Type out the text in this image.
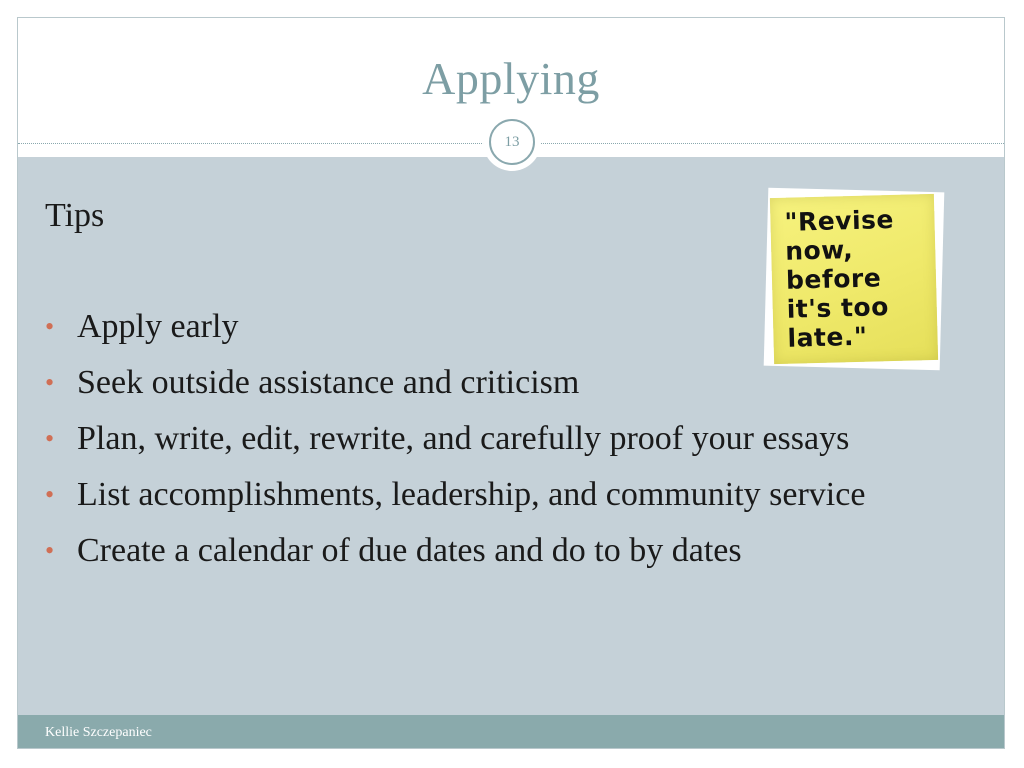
Applying
13
Tips
• Apply early
• Seek outside assistance and criticism
• Plan, write, edit, rewrite, and carefully proof your essays
• List accomplishments, leadership, and community service
• Create a calendar of due dates and do to by dates
"Revise
now,
before
it's too
late."
Kellie Szczepaniec
